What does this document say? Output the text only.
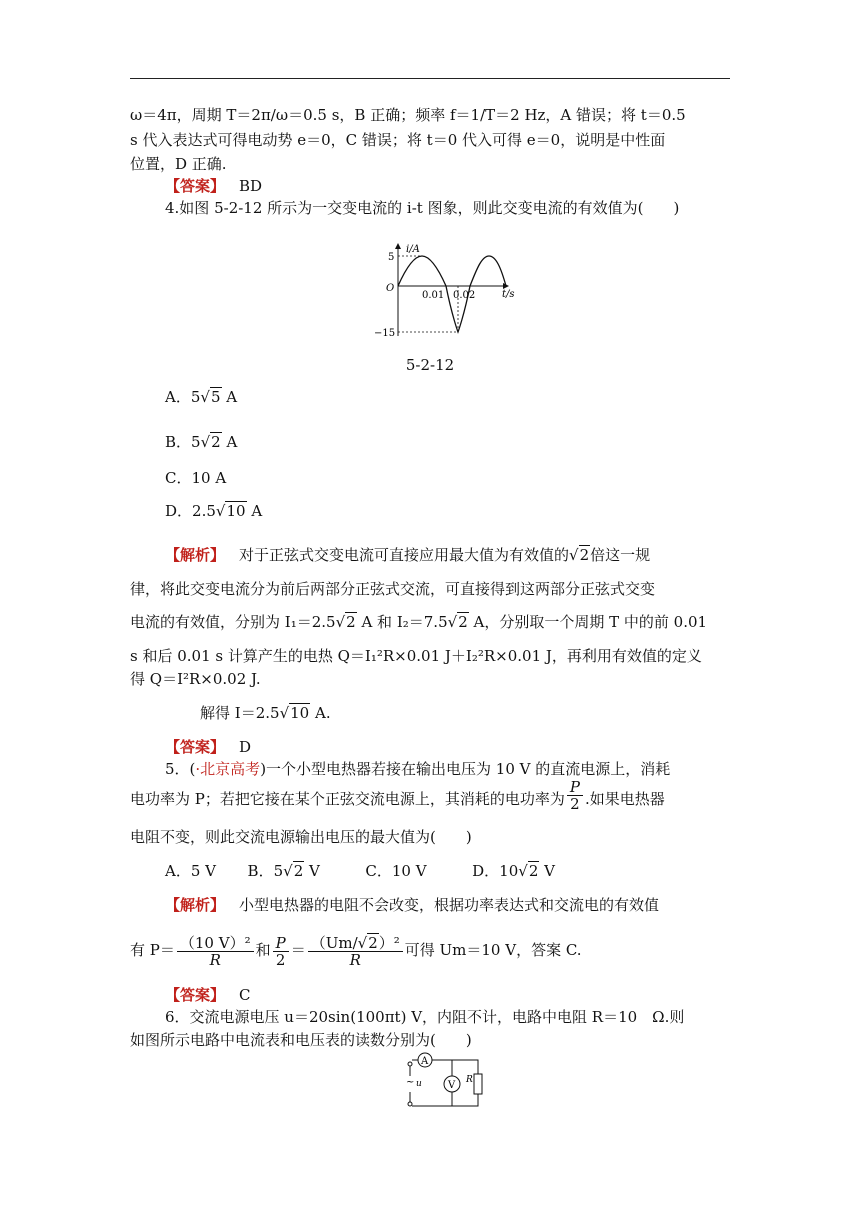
ω＝4π，周期 T＝2π/ω＝0.5 s，B 正确；频率 f＝1/T＝2 Hz，A 错误；将 t＝0.5
s 代入表达式可得电动势 e＝0，C 错误；将 t＝0 代入可得 e＝0，说明是中性面
位置，D 正确.
【答案】 BD
4.如图 5-2-12 所示为一交变电流的 i-t 图象，则此交变电流的有效值为(　　)
i/A
t/s
O
5
−15
0.01 0.02
5-2-12
A．5√5 A
B．5√2 A
C．10 A
D．2.5√10 A
【解析】 对于正弦式交变电流可直接应用最大值为有效值的√2倍这一规
律，将此交变电流分为前后两部分正弦式交流，可直接得到这两部分正弦式交变
电流的有效值，分别为 I₁＝2.5√2 A 和 I₂＝7.5√2 A，分别取一个周期 T 中的前 0.01
s 和后 0.01 s 计算产生的电热 Q＝I₁²R×0.01 J＋I₂²R×0.01 J，再利用有效值的定义
得 Q＝I²R×0.02 J.
解得 I＝2.5√10 A.
【答案】 D
5．(·北京高考)一个小型电热器若接在输出电压为 10 V 的直流电源上，消耗
电功率为 P；若把它接在某个正弦交流电源上，其消耗的电功率为 $\frac{P}{2}$ .如果电热器
电阻不变，则此交流电源输出电压的最大值为(　　)
A．5 V B．5√2 V	C．10 V	D．10√2 V
【解析】 小型电热器的电阻不会改变，根据功率表达式和交流电的有效值
有 $P= \frac{\text{（10 V）²}}{R}$ 和 $\frac{P}{2} = \frac{\text{（Um/√2）²}}{R}$ 可得 Um＝10 V，答案 C.
【答案】 C
6．交流电源电压 u＝20sin(100πt) V，内阻不计，电路中电阻 R＝10　Ω.则
如图所示电路中电流表和电压表的读数分别为(　　)
A
V R
~ u
